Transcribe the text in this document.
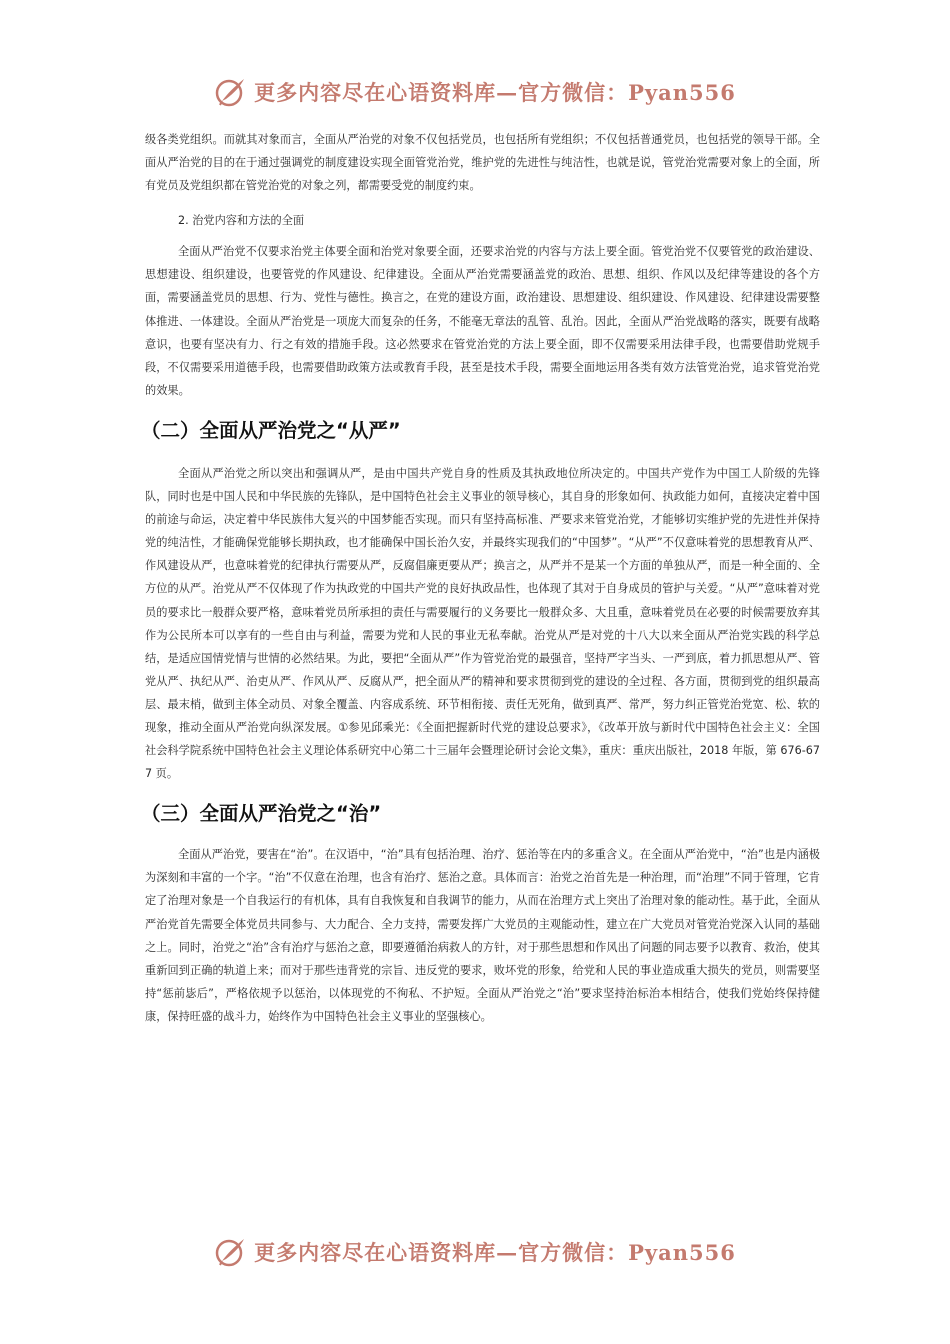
更多内容尽在心语资料库—官方微信：Pyan556

级各类党组织。而就其对象而言，全面从严治党的对象不仅包括党员，也包括所有党组织；不仅包括普通党员，也包括党的领导干部。全面从严治党的目的在于通过强调党的制度建设实现全面管党治党，维护党的先进性与纯洁性，也就是说，管党治党需要对象上的全面，所有党员及党组织都在管党治党的对象之列，都需要受党的制度约束。

2. 治党内容和方法的全面

全面从严治党不仅要求治党主体要全面和治党对象要全面，还要求治党的内容与方法上要全面。管党治党不仅要管党的政治建设、思想建设、组织建设，也要管党的作风建设、纪律建设。全面从严治党需要涵盖党的政治、思想、组织、作风以及纪律等建设的各个方面，需要涵盖党员的思想、行为、党性与德性。换言之，在党的建设方面，政治建设、思想建设、组织建设、作风建设、纪律建设需要整体推进、一体建设。全面从严治党是一项庞大而复杂的任务，不能毫无章法的乱管、乱治。因此，全面从严治党战略的落实，既要有战略意识，也要有坚决有力、行之有效的措施手段。这必然要求在管党治党的方法上要全面，即不仅需要采用法律手段，也需要借助党规手段，不仅需要采用道德手段，也需要借助政策方法或教育手段，甚至是技术手段，需要全面地运用各类有效方法管党治党，追求管党治党的效果。

（二）全面从严治党之“从严”

全面从严治党之所以突出和强调从严，是由中国共产党自身的性质及其执政地位所决定的。中国共产党作为中国工人阶级的先锋队，同时也是中国人民和中华民族的先锋队，是中国特色社会主义事业的领导核心，其自身的形象如何、执政能力如何，直接决定着中国的前途与命运，决定着中华民族伟大复兴的中国梦能否实现。而只有坚持高标准、严要求来管党治党，才能够切实维护党的先进性并保持党的纯洁性，才能确保党能够长期执政，也才能确保中国长治久安，并最终实现我们的“中国梦”。“从严”不仅意味着党的思想教育从严、作风建设从严，也意味着党的纪律执行需要从严，反腐倡廉更要从严；换言之，从严并不是某一个方面的单独从严，而是一种全面的、全方位的从严。治党从严不仅体现了作为执政党的中国共产党的良好执政品性，也体现了其对于自身成员的管护与关爱。“从严”意味着对党员的要求比一般群众要严格，意味着党员所承担的责任与需要履行的义务要比一般群众多、大且重，意味着党员在必要的时候需要放弃其作为公民所本可以享有的一些自由与利益，需要为党和人民的事业无私奉献。治党从严是对党的十八大以来全面从严治党实践的科学总结，是适应国情党情与世情的必然结果。为此，要把“全面从严”作为管党治党的最强音，坚持严字当头、一严到底，着力抓思想从严、管党从严、执纪从严、治吏从严、作风从严、反腐从严，把全面从严的精神和要求贯彻到党的建设的全过程、各方面，贯彻到党的组织最高层、最末梢，做到主体全动员、对象全覆盖、内容成系统、环节相衔接、责任无死角，做到真严、常严，努力纠正管党治党宽、松、软的现象，推动全面从严治党向纵深发展。①参见邱乘光：《全面把握新时代党的建设总要求》，《改革开放与新时代中国特色社会主义：全国社会科学院系统中国特色社会主义理论体系研究中心第二十三届年会暨理论研讨会论文集》，重庆：重庆出版社，2018 年版，第 676-677 页。

（三）全面从严治党之“治”

全面从严治党，要害在“治”。在汉语中，“治”具有包括治理、治疗、惩治等在内的多重含义。在全面从严治党中，“治”也是内涵极为深刻和丰富的一个字。“治”不仅意在治理，也含有治疗、惩治之意。具体而言：治党之治首先是一种治理，而“治理”不同于管理，它肯定了治理对象是一个自我运行的有机体，具有自我恢复和自我调节的能力，从而在治理方式上突出了治理对象的能动性。基于此，全面从严治党首先需要全体党员共同参与、大力配合、全力支持，需要发挥广大党员的主观能动性，建立在广大党员对管党治党深入认同的基础之上。同时，治党之“治”含有治疗与惩治之意，即要遵循治病救人的方针，对于那些思想和作风出了问题的同志要予以教育、救治，使其重新回到正确的轨道上来；而对于那些违背党的宗旨、违反党的要求，败坏党的形象，给党和人民的事业造成重大损失的党员，则需要坚持“惩前毖后”，严格依规予以惩治，以体现党的不徇私、不护短。全面从严治党之“治”要求坚持治标治本相结合，使我们党始终保持健康，保持旺盛的战斗力，始终作为中国特色社会主义事业的坚强核心。

更多内容尽在心语资料库—官方微信：Pyan556
